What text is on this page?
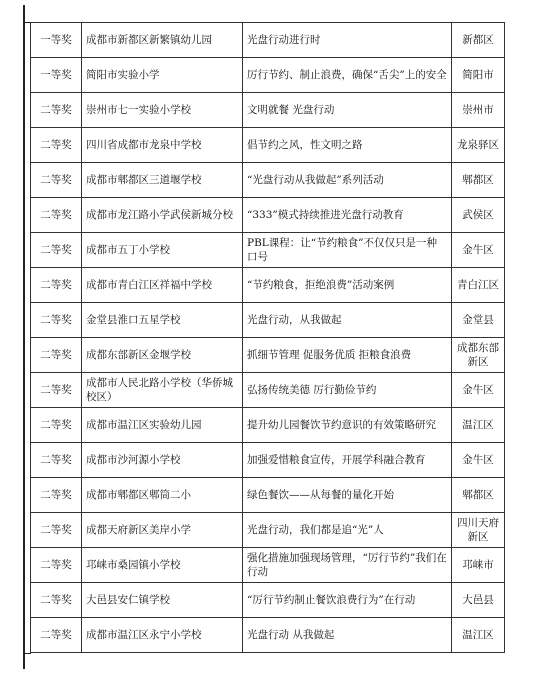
一等奖	成都市新都区新繁镇幼儿园	光盘行动进行时	新都区
一等奖	简阳市实验小学	厉行节约、制止浪费，确保“舌尖”上的安全	简阳市
二等奖	崇州市七一实验小学校	文明就餐 光盘行动	崇州市
二等奖	四川省成都市龙泉中学校	倡节约之风，性文明之路	龙泉驿区
二等奖	成都市郫都区三道堰学校	“光盘行动从我做起”系列活动	郫都区
二等奖	成都市龙江路小学武侯新城分校	“333”模式持续推进光盘行动教育	武侯区
二等奖	成都市五丁小学校	PBL课程：让“节约粮食”不仅仅只是一种口号	金牛区
二等奖	成都市青白江区祥福中学校	“节约粮食，拒绝浪费”活动案例	青白江区
二等奖	金堂县淮口五星学校	光盘行动，从我做起	金堂县
二等奖	成都东部新区金堰学校	抓细节管理 促服务优质 拒粮食浪费	成都东部新区
二等奖	成都市人民北路小学校（华侨城校区）	弘扬传统美德 厉行勤俭节约	金牛区
二等奖	成都市温江区实验幼儿园	提升幼儿园餐饮节约意识的有效策略研究	温江区
二等奖	成都市沙河源小学校	加强爱惜粮食宣传，开展学科融合教育	金牛区
二等奖	成都市郫都区郫筒二小	绿色餐饮——从每餐的量化开始	郫都区
二等奖	成都天府新区美岸小学	光盘行动，我们都是追“光”人	四川天府新区
二等奖	邛崃市桑园镇小学校	强化措施加强现场管理，“厉行节约”我们在行动	邛崃市
二等奖	大邑县安仁镇学校	“厉行节约制止餐饮浪费行为”在行动	大邑县
二等奖	成都市温江区永宁小学校	光盘行动 从我做起	温江区
